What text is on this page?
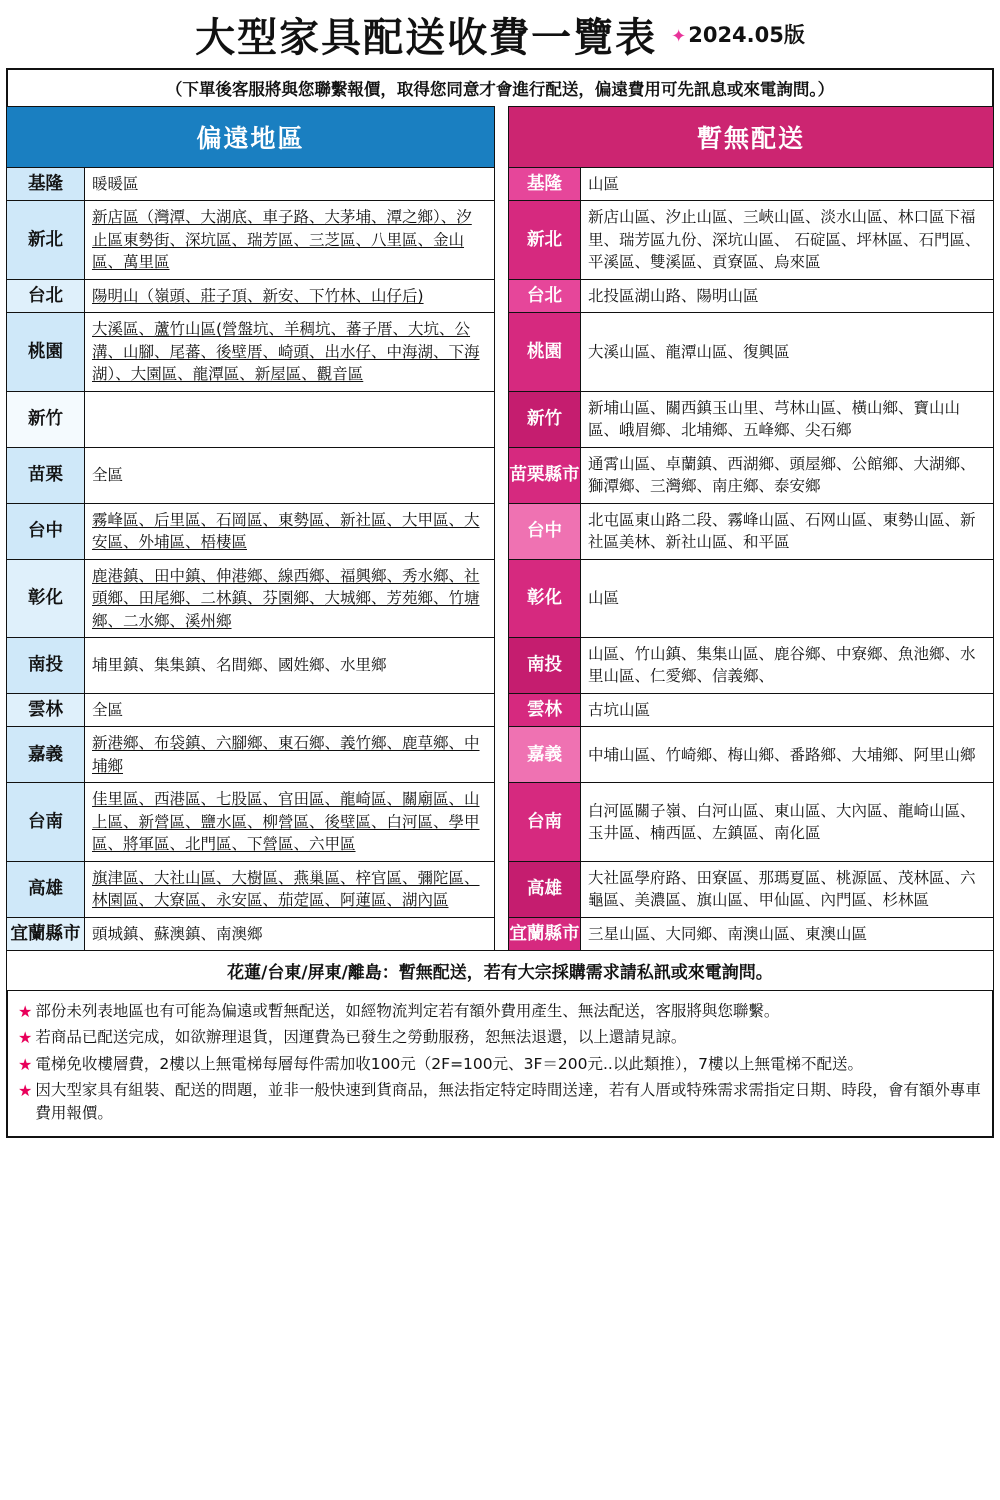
大型家具配送收費一覽表 ✦2024.05版
（下單後客服將與您聯繫報價，取得您同意才會進行配送，偏遠費用可先訊息或來電詢問。）
偏遠地區			暫無配送	
基隆	暖暖區		基隆	山區
新北	新店區（灣潭、大湖底、車子路、大茅埔、潭之鄉）、汐止區東勢街、深坑區、瑞芳區、三芝區、八里區、金山區、萬里區		新北	新店山區、汐止山區、三峽山區、淡水山區、林口區下福里、瑞芳區九份、深坑山區、 石碇區、坪林區、石門區、平溪區、雙溪區、貢寮區、烏來區
台北	陽明山（嶺頭、莊子頂、新安、下竹林、山仔后)		台北	北投區湖山路、陽明山區
桃園	大溪區、蘆竹山區(營盤坑、羊稠坑、蕃子厝、大坑、公溝、山腳、尾蕃、後壁厝、崎頭、出水仔、中海湖、下海湖）、大園區、龍潭區、新屋區、觀音區		桃園	大溪山區、龍潭山區、復興區
新竹			新竹	新埔山區、關西鎮玉山里、芎林山區、橫山鄉、寶山山區、峨眉鄉、北埔鄉、五峰鄉、尖石鄉
苗栗	全區		苗栗縣市	通霄山區、卓蘭鎮、西湖鄉、頭屋鄉、公館鄉、大湖鄉、獅潭鄉、三灣鄉、南庄鄉、泰安鄉
台中	霧峰區、后里區、石岡區、東勢區、新社區、大甲區、大安區、外埔區、梧棲區		台中	北屯區東山路二段、霧峰山區、石网山區、東勢山區、新社區美林、新社山區、和平區
彰化	鹿港鎮、田中鎮、伸港鄉、線西鄉、福興鄉、秀水鄉、社頭鄉、田尾鄉、二林鎮、芬園鄉、大城鄉、芳苑鄉、竹塘鄉、二水鄉、溪州鄉		彰化	山區
南投	埔里鎮、集集鎮、名間鄉、國姓鄉、水里鄉		南投	山區、竹山鎮、集集山區、鹿谷鄉、中寮鄉、魚池鄉、水里山區、仁愛鄉、信義鄉、
雲林	全區		雲林	古坑山區
嘉義	新港鄉、布袋鎮、六腳鄉、東石鄉、義竹鄉、鹿草鄉、中埔鄉		嘉義	中埔山區、竹崎鄉、梅山鄉、番路鄉、大埔鄉、阿里山鄉
台南	佳里區、西港區、七股區、官田區、龍崎區、關廟區、山上區、新營區、鹽水區、柳營區、後壁區、白河區、學甲區、將軍區、北門區、下營區、六甲區		台南	白河區關子嶺、白河山區、東山區、大內區、龍崎山區、玉井區、楠西區、左鎮區、南化區
高雄	旗津區、大社山區、大樹區、燕巢區、梓官區、彌陀區、 林園區、大寮區、永安區、茄萣區、阿蓮區、湖內區		高雄	大社區學府路、田寮區、那瑪夏區、桃源區、茂林區、六龜區、美濃區、旗山區、甲仙區、內門區、杉林區
宜蘭縣市	頭城鎮、蘇澳鎮、南澳鄉		宜蘭縣市	三星山區、大同鄉、南澳山區、東澳山區
花蓮/台東/屏東/離島：暫無配送，若有大宗採購需求請私訊或來電詢問。				
★ 部份未列表地區也有可能為偏遠或暫無配送，如經物流判定若有額外費用產生、無法配送，客服將與您聯繫。
★ 若商品已配送完成，如欲辦理退貨，因運費為已發生之勞動服務，恕無法退還，以上還請見諒。
★ 電梯免收樓層費，2樓以上無電梯每層每件需加收100元（2F=100元、3F＝200元..以此類推），7樓以上無電梯不配送。
★ 因大型家具有組裝、配送的問題，並非一般快速到貨商品，無法指定特定時間送達，若有人厝或特殊需求需指定日期、時段，會有額外專車費用報價。
